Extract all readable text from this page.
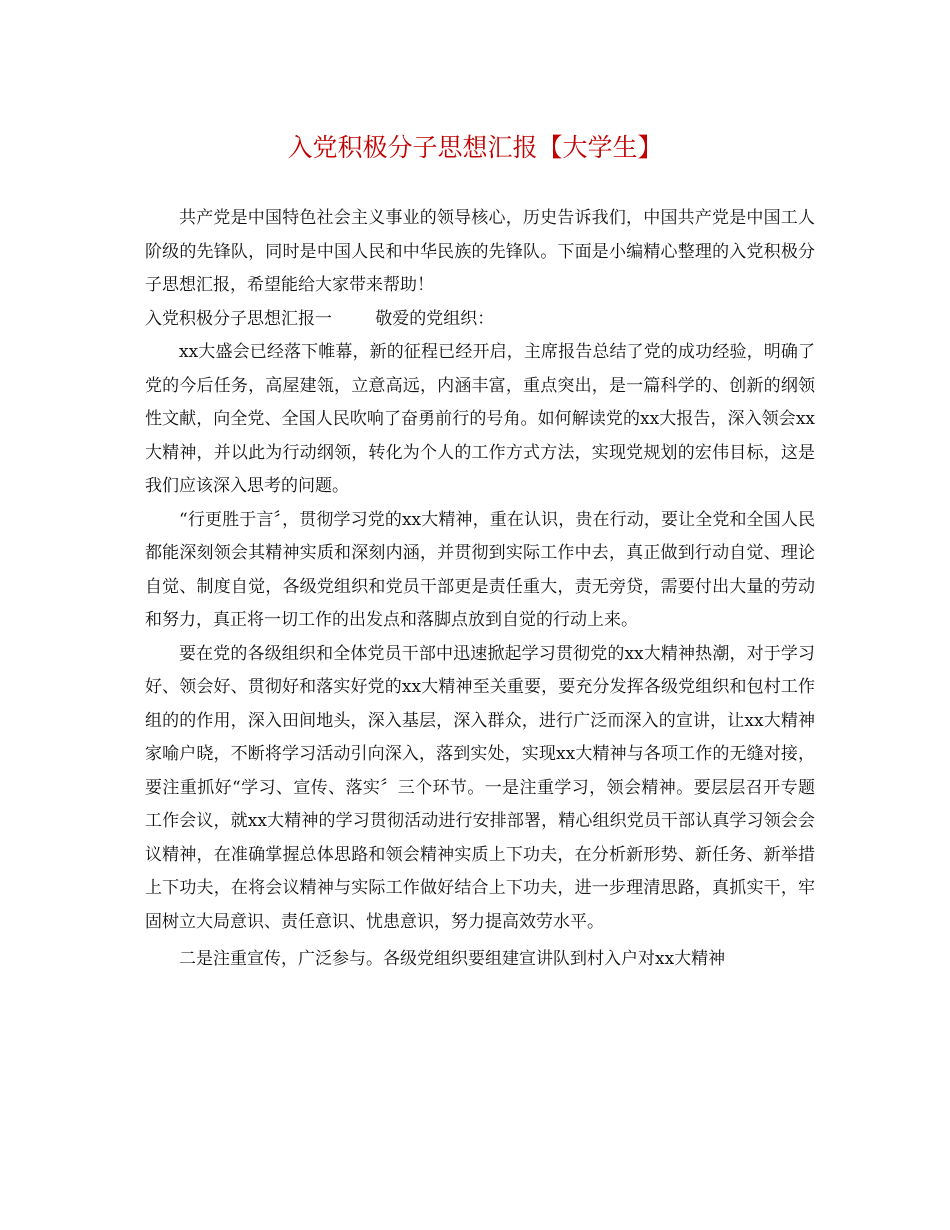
入党积极分子思想汇报【大学生】

共产党是中国特色社会主义事业的领导核心，历史告诉我们，中国共产党是中国工人阶级的先锋队，同时是中国人民和中华民族的先锋队。下面是小编精心整理的入党积极分子思想汇报，希望能给大家带来帮助！

入党积极分子思想汇报一	敬爱的党组织：

xx大盛会已经落下帷幕，新的征程已经开启，主席报告总结了党的成功经验，明确了党的今后任务，高屋建瓴，立意高远，内涵丰富，重点突出，是一篇科学的、创新的纲领性文献，向全党、全国人民吹响了奋勇前行的号角。如何解读党的xx大报告，深入领会xx大精神，并以此为行动纲领，转化为个人的工作方式方法，实现党规划的宏伟目标，这是我们应该深入思考的问题。

“行更胜于言〞，贯彻学习党的xx大精神，重在认识，贵在行动，要让全党和全国人民都能深刻领会其精神实质和深刻内涵，并贯彻到实际工作中去，真正做到行动自觉、理论自觉、制度自觉，各级党组织和党员干部更是责任重大，责无旁贷，需要付出大量的劳动和努力，真正将一切工作的出发点和落脚点放到自觉的行动上来。

要在党的各级组织和全体党员干部中迅速掀起学习贯彻党的xx大精神热潮，对于学习好、领会好、贯彻好和落实好党的xx大精神至关重要，要充分发挥各级党组织和包村工作组的的作用，深入田间地头，深入基层，深入群众，进行广泛而深入的宣讲，让xx大精神家喻户晓，不断将学习活动引向深入，落到实处，实现xx大精神与各项工作的无缝对接，要注重抓好“学习、宣传、落实〞三个环节。一是注重学习，领会精神。要层层召开专题工作会议，就xx大精神的学习贯彻活动进行安排部署，精心组织党员干部认真学习领会会议精神，在准确掌握总体思路和领会精神实质上下功夫，在分析新形势、新任务、新举措上下功夫，在将会议精神与实际工作做好结合上下功夫，进一步理清思路，真抓实干，牢固树立大局意识、责任意识、忧患意识，努力提高效劳水平。

二是注重宣传，广泛参与。各级党组织要组建宣讲队到村入户对xx大精神
